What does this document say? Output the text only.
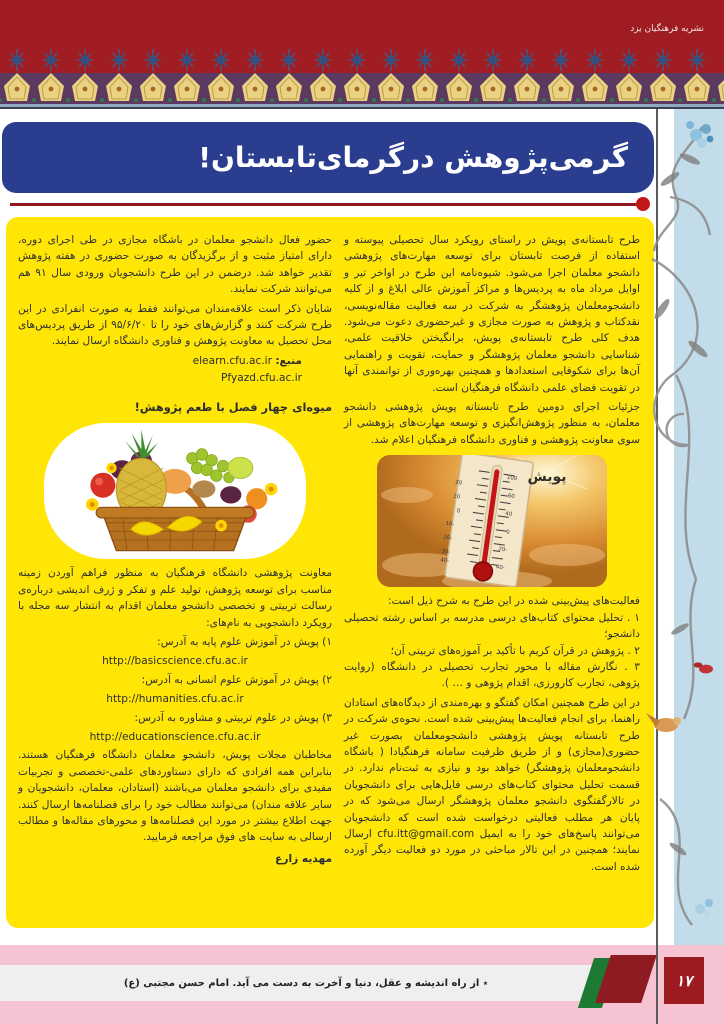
نشریه فرهنگیان یزد
گرمی‌پژوهش درگرمای‌تابستان!

طرح تابستانه‌ی پویش در راستای رویکرد سال تحصیلی پیوسته و استفاده از فرصت تابستان برای توسعه مهارت‌های پژوهشی دانشجو معلمان اجرا می‌شود. شیوه‌نامه این طرح در اواخر تیر و اوایل مرداد ماه به پردیس‌ها و مراکز آموزش عالی ابلاغ و از کلیه دانشجومعلمان پژوهشگر به شرکت در سه فعالیت مقاله‌نویسی، نقدکتاب و پژوهش به صورت مجازی و غیرحضوری دعوت می‌شود. هدف کلی طرح تابستانه‌ی پویش، برانگیختن خلاقیت علمی، شناسایی دانشجو معلمان پژوهشگر و حمایت، تقویت و راهنمایی آن‌ها برای شکوفایی استعدادها و همچنین بهره‌وری از توانمندی آنها در تقویت فضای علمی دانشگاه فرهنگیان است.

جزئیات اجرای دومین طرح تابستانه پویش پژوهشی دانشجو معلمان، به منظور پژوهش‌انگیزی و توسعه مهارت‌های پژوهشی از سوی معاونت پژوهشی و فناوری دانشگاه فرهنگیان اعلام شد.

20
10
0
-10
-20
-30
-40
100
60
40
0
-20
-40
پویش

فعالیت‌های پیش‌بینی شده در این طرح به شرح ذیل است:

۱ . تحلیل محتوای کتاب‌های درسی مدرسه بر اساس رشته تحصیلی دانشجو؛

۲ . پژوهش در قرآن کریم با تأکید بر آموزه‌های تربیتی آن؛

۳ . نگارش مقاله با محور تجارب تحصیلی در دانشگاه (روایت پژوهی، تجارب کارورزی، اقدام پژوهی و … ).

در این طرح همچنین امکان گفتگو و بهره‌مندی از دیدگاه‌های استادان راهنما، برای انجام فعالیت‌ها پیش‌بینی شده است. نحوه‌ی شرکت در طرح تابستانه پویش پژوهشی دانشجومعلمان بصورت غیر حضوری(مجازی) و از طریق ظرفیت سامانه فرهنگیادا ( باشگاه دانشجومعلمان پژوهشگر) خواهد بود و نیازی به ثبت‌نام ندارد. در قسمت تحلیل محتوای کتاب‌های درسی فایل‌هایی برای دانشجویان در تالارگفتگوی دانشجو معلمان پژوهشگر ارسال می‌شود که در پایان هر مطلب فعالیتی درخواست شده است که دانشجویان می‌توانند پاسخ‌های خود را به ایمیل cfu.itt@gmail.com ارسال نمایند؛ همچنین در این تالار مباحثی در مورد دو فعالیت دیگر آورده شده است.

حضور فعال دانشجو معلمان در باشگاه مجازی در طی اجرای دوره، دارای امتیاز مثبت و از برگزیدگان به صورت حضوری در هفته پژوهش تقدیر خواهد شد. درضمن در این طرح دانشجویان ورودی سال ۹۱ هم می‌توانند شرکت نمایند.

شایان ذکر است علاقه‌مندان می‌توانند فقط به صورت انفرادی در این طرح شرکت کنند و گزارش‌های خود را تا ۹۵/۶/۲۰ از طریق پردیس‌های محل تحصیل به معاونت پژوهش و فناوری دانشگاه ارسال نمایند.

منبع: elearn.cfu.ac.ir
Pfyazd.cfu.ac.ir
میوه‌ای چهار فصل با طعم پژوهش!

معاونت پژوهشی دانشگاه فرهنگیان به منظور فراهم آوردن زمینه مناسب برای توسعه پژوهش، تولید علم و تفکر و ژرف اندیشی درباره‌ی رسالت تربیتی و تخصصی دانشجو معلمان اقدام به انتشار سه مجله با رویکرد دانشجویی به نام‌های:

۱) پویش در آموزش علوم پایه به آدرس:

http://basicscience.cfu.ac.ir

۲) پویش در آموزش علوم انسانی به آدرس:

http://humanities.cfu.ac.ir

۳) پویش در علوم تربیتی و مشاوره به آدرس:

http://educationscience.cfu.ac.ir

مخاطبان مجلات پویش، دانشجو معلمان دانشگاه فرهنگیان هستند. بنابراین همه افرادی که دارای دستاوردهای علمی-تخصصی و تجربیات مفیدی برای دانشجو معلمان می‌باشند (استادان، معلمان، دانشجویان و سایر علاقه مندان) می‌توانند مطالب خود را برای فصلنامه‌ها ارسال کنند. جهت اطلاع بیشتر در مورد این فصلنامه‌ها و محورهای مقاله‌ها و مطالب ارسالی به سایت های فوق مراجعه فرمایید.

مهدیه زارع
٭ از راه اندیشه و عقل، دنیا و آخرت به دست می آید. امام حسن مجتبی (ع)	۱۷
